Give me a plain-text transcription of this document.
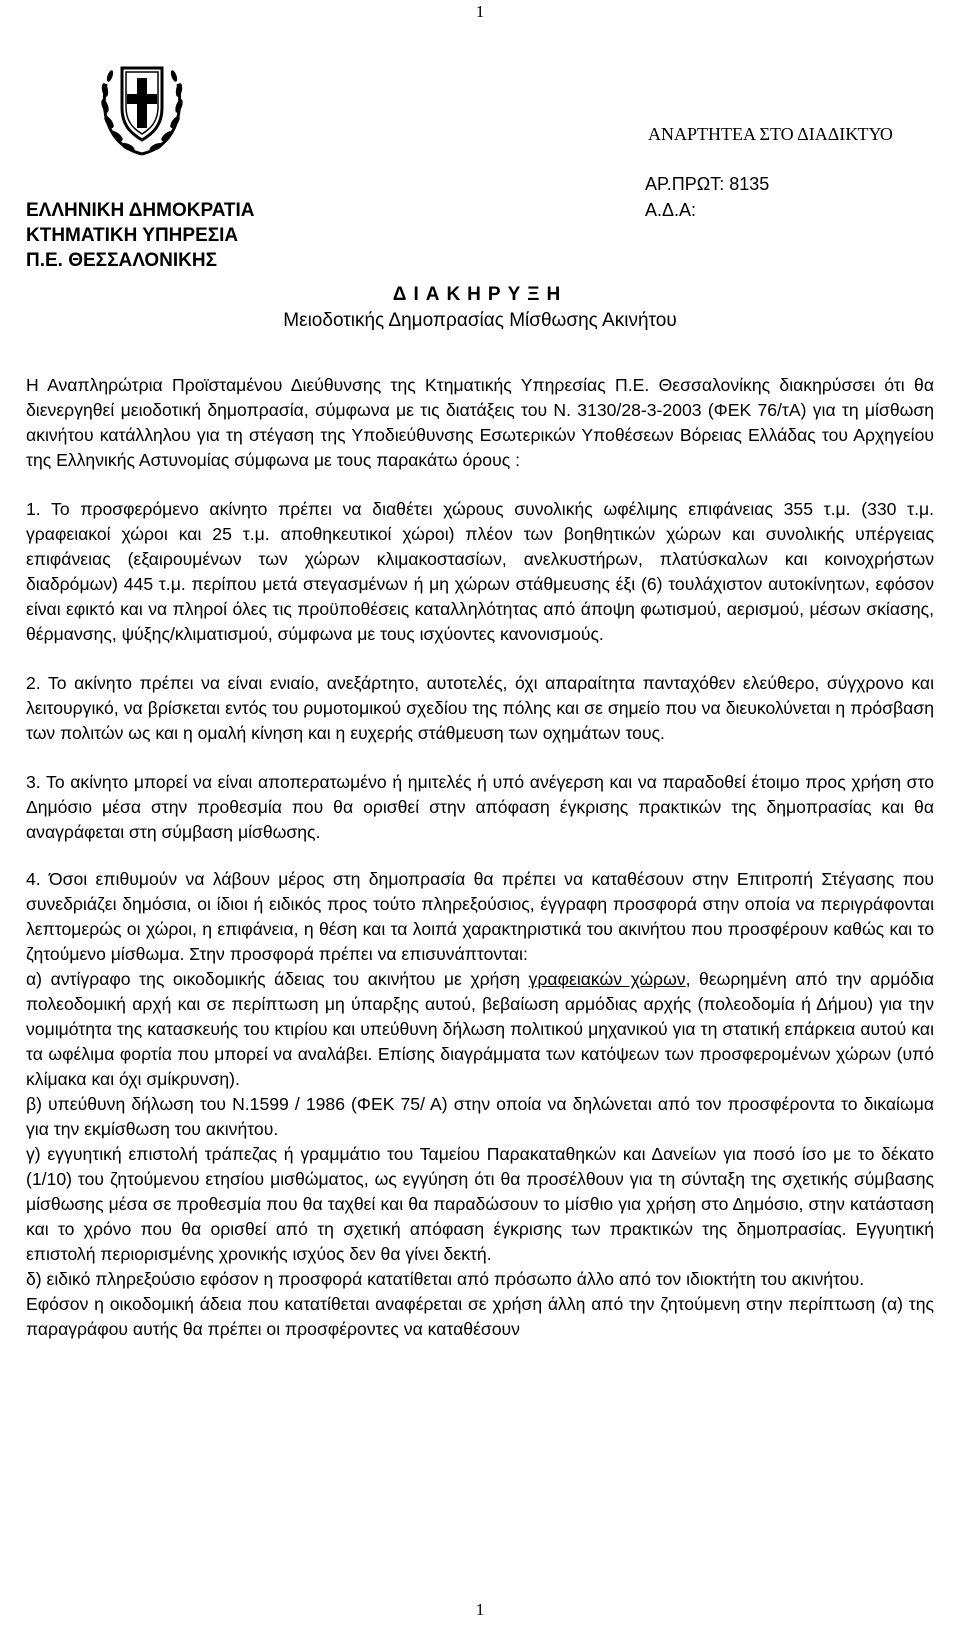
1
ΕΛΛΗΝΙΚΗ ΔΗΜΟΚΡΑΤΙΑ
ΚΤΗΜΑΤΙΚΗ ΥΠΗΡΕΣΙΑ
Π.Ε. ΘΕΣΣΑΛΟΝΙΚΗΣ
ΑΝΑΡΤΗΤΕΑ ΣΤΟ ΔΙΑΔΙΚΤΥΟ
ΑΡ.ΠΡΩΤ: 8135
Α.Δ.Α:
ΔΙΑΚΗΡΥΞΗ
Μειοδοτικής Δημοπρασίας Μίσθωσης Ακινήτου

Η Αναπληρώτρια Προϊσταμένου Διεύθυνσης της Κτηματικής Υπηρεσίας Π.Ε. Θεσσαλονίκης διακηρύσσει ότι θα διενεργηθεί μειοδοτική δημοπρασία, σύμφωνα με τις διατάξεις του Ν. 3130/28-3-2003 (ΦΕΚ 76/τΑ) για τη μίσθωση ακινήτου κατάλληλου για τη στέγαση της Υποδιεύθυνσης Εσωτερικών Υποθέσεων Βόρειας Ελλάδας του Αρχηγείου της Ελληνικής Αστυνομίας σύμφωνα με τους παρακάτω όρους :

1. Το προσφερόμενο ακίνητο πρέπει να διαθέτει χώρους συνολικής ωφέλιμης επιφάνειας 355 τ.μ. (330 τ.μ. γραφειακοί χώροι και 25 τ.μ. αποθηκευτικοί χώροι) πλέον των βοηθητικών χώρων και συνολικής υπέργειας επιφάνειας (εξαιρουμένων των χώρων κλιμακοστασίων, ανελκυστήρων, πλατύσκαλων και κοινοχρήστων διαδρόμων) 445 τ.μ. περίπου μετά στεγασμένων ή μη χώρων στάθμευσης έξι (6) τουλάχιστον αυτοκίνητων, εφόσον είναι εφικτό και να πληροί όλες τις προϋποθέσεις καταλληλότητας από άποψη φωτισμού, αερισμού, μέσων σκίασης, θέρμανσης, ψύξης/κλιματισμού, σύμφωνα με τους ισχύοντες κανονισμούς.

2. Το ακίνητο πρέπει να είναι ενιαίο, ανεξάρτητο, αυτοτελές, όχι απαραίτητα πανταχόθεν ελεύθερο, σύγχρονο και λειτουργικό, να βρίσκεται εντός του ρυμοτομικού σχεδίου της πόλης και σε σημείο που να διευκολύνεται η πρόσβαση των πολιτών ως και η ομαλή κίνηση και η ευχερής στάθμευση των οχημάτων τους.

3. Το ακίνητο μπορεί να είναι αποπερατωμένο ή ημιτελές ή υπό ανέγερση και να παραδοθεί έτοιμο προς χρήση στο Δημόσιο μέσα στην προθεσμία που θα ορισθεί στην απόφαση έγκρισης πρακτικών της δημοπρασίας και θα αναγράφεται στη σύμβαση μίσθωσης.

4. Όσοι επιθυμούν να λάβουν μέρος στη δημοπρασία θα πρέπει να καταθέσουν στην Επιτροπή Στέγασης που συνεδριάζει δημόσια, οι ίδιοι ή ειδικός προς τούτο πληρεξούσιος, έγγραφη προσφορά στην οποία να περιγράφονται λεπτομερώς οι χώροι, η επιφάνεια, η θέση και τα λοιπά χαρακτηριστικά του ακινήτου που προσφέρουν καθώς και το ζητούμενο μίσθωμα. Στην προσφορά πρέπει να επισυνάπτονται:

α) αντίγραφο της οικοδομικής άδειας του ακινήτου με χρήση γραφειακών χώρων, θεωρημένη από την αρμόδια πολεοδομική αρχή και σε περίπτωση μη ύπαρξης αυτού, βεβαίωση αρμόδιας αρχής (πολεοδομία ή Δήμου) για την νομιμότητα της κατασκευής του κτιρίου και υπεύθυνη δήλωση πολιτικού μηχανικού για τη στατική επάρκεια αυτού και τα ωφέλιμα φορτία που μπορεί να αναλάβει. Επίσης διαγράμματα των κατόψεων των προσφερομένων χώρων (υπό κλίμακα και όχι σμίκρυνση).

β) υπεύθυνη δήλωση του Ν.1599 / 1986 (ΦΕΚ 75/ Α) στην οποία να δηλώνεται από τον προσφέροντα το δικαίωμα για την εκμίσθωση του ακινήτου.

γ) εγγυητική επιστολή τράπεζας ή γραμμάτιο του Ταμείου Παρακαταθηκών και Δανείων για ποσό ίσο με το δέκατο (1/10) του ζητούμενου ετησίου μισθώματος, ως εγγύηση ότι θα προσέλθουν για τη σύνταξη της σχετικής σύμβασης μίσθωσης μέσα σε προθεσμία που θα ταχθεί και θα παραδώσουν το μίσθιο για χρήση στο Δημόσιο, στην κατάσταση και το χρόνο που θα ορισθεί από τη σχετική απόφαση έγκρισης των πρακτικών της δημοπρασίας. Εγγυητική επιστολή περιορισμένης χρονικής ισχύος δεν θα γίνει δεκτή.

δ) ειδικό πληρεξούσιο εφόσον η προσφορά κατατίθεται από πρόσωπο άλλο από τον ιδιοκτήτη του ακινήτου.

Εφόσον η οικοδομική άδεια που κατατίθεται αναφέρεται σε χρήση άλλη από την ζητούμενη στην περίπτωση (α) της παραγράφου αυτής θα πρέπει οι προσφέροντες να καταθέσουν

1
